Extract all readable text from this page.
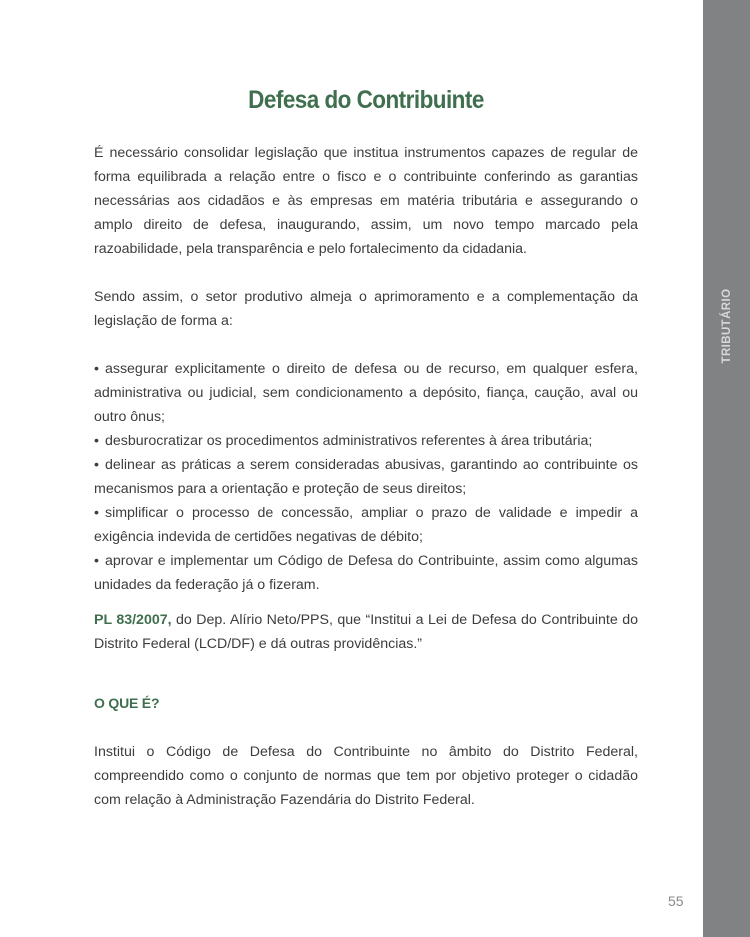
TRIBUTÁRIO
Defesa do Contribuinte

É necessário consolidar legislação que institua instrumentos capazes de regular de forma equilibrada a relação entre o fisco e o contribuinte conferindo as garantias necessárias aos cidadãos e às empresas em matéria tributária e assegurando o amplo direito de defesa, inaugurando, assim, um novo tempo marcado pela razoabilidade, pela transparência e pelo fortalecimento da cidadania.

Sendo assim, o setor produtivo almeja o aprimoramento e a complementação da legislação de forma a:

• assegurar explicitamente o direito de defesa ou de recurso, em qualquer esfera, administrativa ou judicial, sem condicionamento a depósito, fiança, caução, aval ou outro ônus;

• desburocratizar os procedimentos administrativos referentes à área tributária;

• delinear as práticas a serem consideradas abusivas, garantindo ao contribuinte os mecanismos para a orientação e proteção de seus direitos;

• simplificar o processo de concessão, ampliar o prazo de validade e impedir a exigência indevida de certidões negativas de débito;

• aprovar e implementar um Código de Defesa do Contribuinte, assim como algumas unidades da federação já o fizeram.

PL 83/2007, do Dep. Alírio Neto/PPS, que “Institui a Lei de Defesa do Contribuinte do Distrito Federal (LCD/DF) e dá outras providências.”

O QUE É?

Institui o Código de Defesa do Contribuinte no âmbito do Distrito Federal, compreendido como o conjunto de normas que tem por objetivo proteger o cidadão com relação à Administração Fazendária do Distrito Federal.

55
